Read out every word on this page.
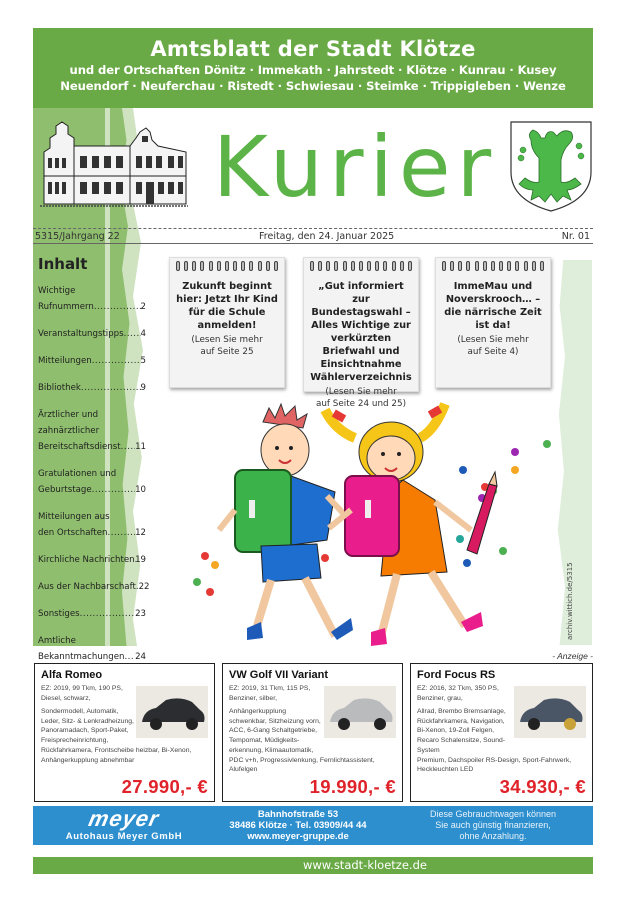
Amtsblatt der Stadt Klötze
und der Ortschaften Dönitz · Immekath · Jahrstedt · Klötze · Kunrau · Kusey
Neuendorf · Neuferchau · Ristedt · Schwiesau · Steimke · Trippigleben · Wenze
Kurier
5315/Jahrgang 22	Freitag, den 24. Januar 2025	Nr. 01
Inhalt
Wichtige
Rufnummern .....	2
Veranstaltungstipps ..... 4
Mitteilungen .....	5
Bibliothek .....	9
Ärztlicher und
zahnärztlicher
Bereitschaftsdienst ..... 11
Gratulationen und
Geburtstage .....	10
Mitteilungen aus
den Ortschaften .....	12
Kirchliche Nachrichten ..... 19
Aus der Nachbarschaft. 22
Sonstiges .....	23
Amtliche
Bekanntmachungen ..... 24
Zukunft beginnt hier: Jetzt Ihr Kind für die Schule anmelden!
(Lesen Sie mehr
auf Seite 25
„Gut informiert zur Bundestagswahl – Alles Wichtige zur verkürzten Briefwahl und Einsichtnahme Wählerverzeichnis
(Lesen Sie mehr
auf Seite 24 und 25)
ImmeMau und Noverskrooch… – die närrische Zeit ist da!
(Lesen Sie mehr
auf Seite 4)
archiv.wittich.de/5315
- Anzeige -
Alfa Romeo
EZ: 2019, 99 Tkm, 190 PS, Diesel, schwarz,
Sondermodell, Automatik, Leder, Sitz- & Lenkradheizung, Panoramadach, Sport-Paket, Freisprecheinrichtung,
Rückfahrkamera, Frontscheibe heizbar, Bi-Xenon, Anhängerkupplung abnehmbar
27.990,- €
VW Golf VII Variant
EZ: 2019, 31 Tkm, 115 PS, Benziner, silber,
Anhängerkupplung schwenkbar, Sitzheizung vorn, ACC, 6-Gang Schaltgetriebe, Tempomat, Müdigkeits-erkennung, Klimaautomatik,
PDC v+h, Progressivlenkung, Fernlichtassistent, Alufelgen
19.990,- €
Ford Focus RS
EZ: 2016, 32 Tkm, 350 PS, Benziner, grau,
Allrad, Brembo Bremsanlage, Rückfahrkamera, Navigation, Bi-Xenon, 19-Zoll Felgen, Recaro Schalensitze, Sound-System
Premium, Dachspoiler RS-Design, Sport-Fahrwerk, Heckleuchten LED
34.930,- €
meyer
Autohaus Meyer GmbH
Bahnhofstraße 53
38486 Klötze · Tel. 03909/44 44
www.meyer-gruppe.de
Diese Gebrauchtwagen können
Sie auch günstig finanzieren,
ohne Anzahlung.
www.stadt-kloetze.de
